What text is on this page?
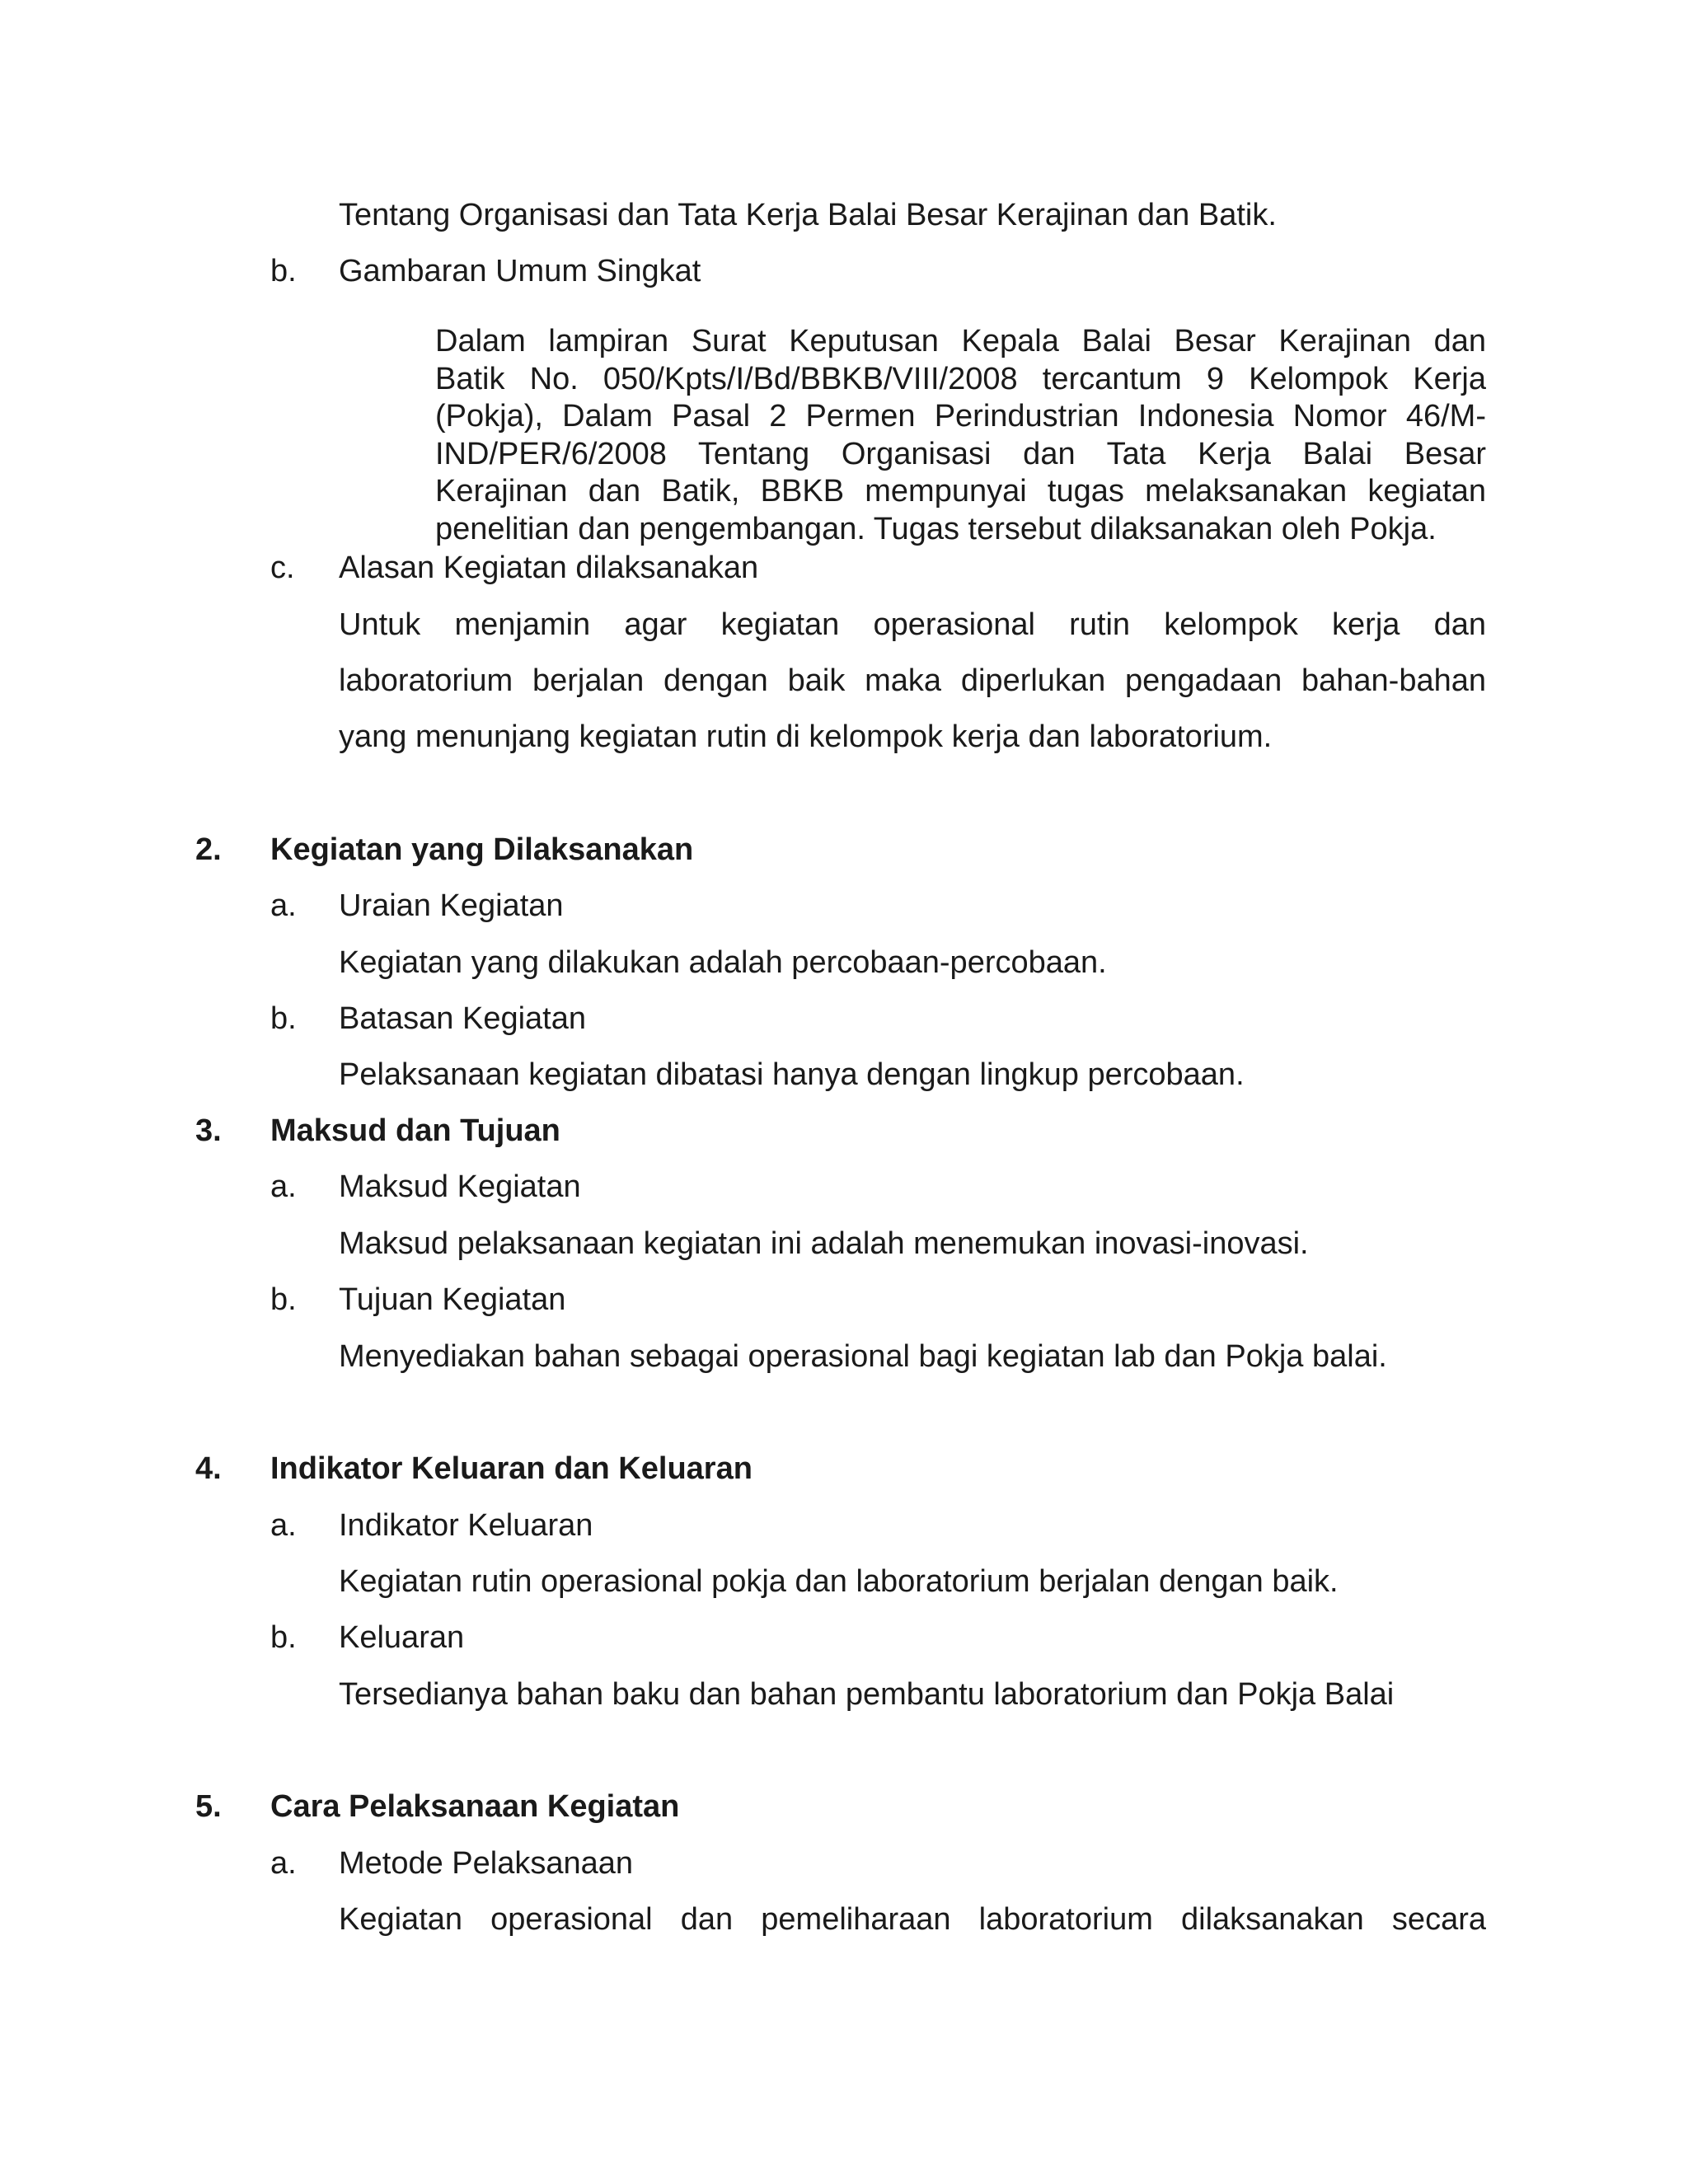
Tentang Organisasi dan Tata Kerja Balai Besar Kerajinan dan Batik.
b. Gambaran Umum Singkat
Dalam lampiran Surat Keputusan Kepala Balai Besar Kerajinan dan
Batik No. 050/Kpts/I/Bd/BBKB/VIII/2008 tercantum 9 Kelompok Kerja
(Pokja), Dalam Pasal 2 Permen Perindustrian Indonesia Nomor 46/M-
IND/PER/6/2008 Tentang Organisasi dan Tata Kerja Balai Besar
Kerajinan dan Batik, BBKB mempunyai tugas melaksanakan kegiatan
penelitian dan pengembangan. Tugas tersebut dilaksanakan oleh Pokja.
c. Alasan Kegiatan dilaksanakan
Untuk menjamin agar kegiatan operasional rutin kelompok kerja dan
laboratorium berjalan dengan baik maka diperlukan pengadaan bahan-bahan
yang menunjang kegiatan rutin di kelompok kerja dan laboratorium.
2. Kegiatan yang Dilaksanakan
a. Uraian Kegiatan
Kegiatan yang dilakukan adalah percobaan-percobaan.
b. Batasan Kegiatan
Pelaksanaan kegiatan dibatasi hanya dengan lingkup percobaan.
3. Maksud dan Tujuan
a. Maksud Kegiatan
Maksud pelaksanaan kegiatan ini adalah menemukan inovasi-inovasi.
b. Tujuan Kegiatan
Menyediakan bahan sebagai operasional bagi kegiatan lab dan Pokja balai.
4. Indikator Keluaran dan Keluaran
a. Indikator Keluaran
Kegiatan rutin operasional pokja dan laboratorium berjalan dengan baik.
b. Keluaran
Tersedianya bahan baku dan bahan pembantu laboratorium dan Pokja Balai
5. Cara Pelaksanaan Kegiatan
a. Metode Pelaksanaan
Kegiatan operasional dan pemeliharaan laboratorium dilaksanakan secara
